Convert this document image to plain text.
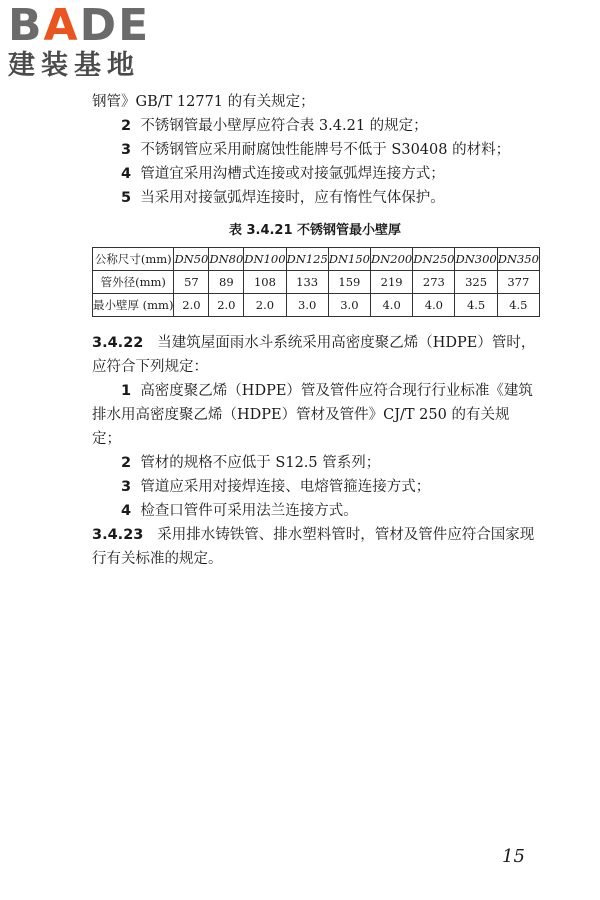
BADE
建装基地

钢管》GB/T 12771 的有关规定；

2 不锈钢管最小壁厚应符合表 3.4.21 的规定；

3 不锈钢管应采用耐腐蚀性能牌号不低于 S30408 的材料；

4 管道宜采用沟槽式连接或对接氩弧焊连接方式；

5 当采用对接氩弧焊连接时，应有惰性气体保护。

表 3.4.21 不锈钢管最小壁厚
公称尺寸(mm)	DN50	DN80	DN100	DN125	DN150	DN200	DN250	DN300	DN350
管外径(mm)	57	89	108	133	159	219	273	325	377
最小壁厚 (mm)	2.0	2.0	2.0	3.0	3.0	4.0	4.0	4.5	4.5

3.4.22 当建筑屋面雨水斗系统采用高密度聚乙烯（HDPE）管时，应符合下列规定：

1 高密度聚乙烯（HDPE）管及管件应符合现行行业标准《建筑排水用高密度聚乙烯（HDPE）管材及管件》CJ/T 250 的有关规定；

2 管材的规格不应低于 S12.5 管系列；

3 管道应采用对接焊连接、电熔管箍连接方式；

4 检查口管件可采用法兰连接方式。

3.4.23 采用排水铸铁管、排水塑料管时，管材及管件应符合国家现行有关标准的规定。

15
